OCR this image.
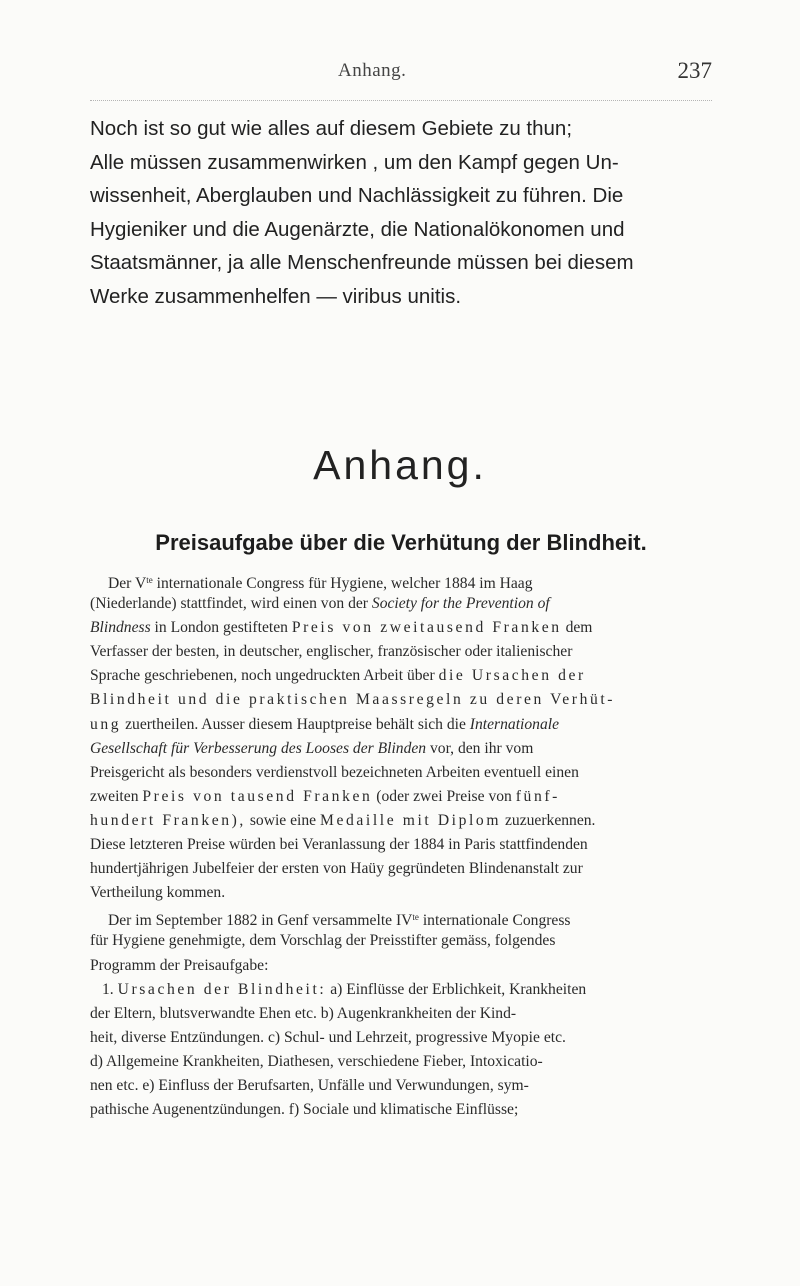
Anhang.	237
Noch ist so gut wie alles auf diesem Gebiete zu thun;
Alle müssen zusammenwirken , um den Kampf gegen Un-
wissenheit, Aberglauben und Nachlässigkeit zu führen. Die
Hygieniker und die Augenärzte, die Nationalökonomen und
Staatsmänner, ja alle Menschenfreunde müssen bei diesem
Werke zusammenhelfen — viribus unitis.
Anhang.
Preisaufgabe über die Verhütung der Blindheit.
Der $V^{te}$ internationale Congress für Hygiene, welcher 1884 im Haag
(Niederlande) stattfindet, wird einen von der Society for the Prevention of
Blindness in London gestifteten Preis von zweitausend Franken dem
Verfasser der besten, in deutscher, englischer, französischer oder italienischer
Sprache geschriebenen, noch ungedruckten Arbeit über die Ursachen der
Blindheit und die praktischen Maassregeln zu deren Verhüt-
ung zuertheilen. Ausser diesem Hauptpreise behält sich die Internationale
Gesellschaft für Verbesserung des Looses der Blinden vor, den ihr vom
Preisgericht als besonders verdienstvoll bezeichneten Arbeiten eventuell einen
zweiten Preis von tausend Franken (oder zwei Preise von fünf-
hundert Franken), sowie eine Medaille mit Diplom zuzuerkennen.
Diese letzteren Preise würden bei Veranlassung der 1884 in Paris stattfindenden
hundertjährigen Jubelfeier der ersten von Haüy gegründeten Blindenanstalt zur
Vertheilung kommen.
Der im September 1882 in Genf versammelte $IV^{te}$ internationale Congress
für Hygiene genehmigte, dem Vorschlag der Preisstifter gemäss, folgendes
Programm der Preisaufgabe:
1. Ursachen der Blindheit: a) Einflüsse der Erblichkeit, Krankheiten
der Eltern, blutsverwandte Ehen etc. b) Augenkrankheiten der Kind-
heit, diverse Entzündungen. c) Schul- und Lehrzeit, progressive Myopie etc.
d) Allgemeine Krankheiten, Diathesen, verschiedene Fieber, Intoxicatio-
nen etc. e) Einfluss der Berufsarten, Unfälle und Verwundungen, sym-
pathische Augenentzündungen. f) Sociale und klimatische Einflüsse;
